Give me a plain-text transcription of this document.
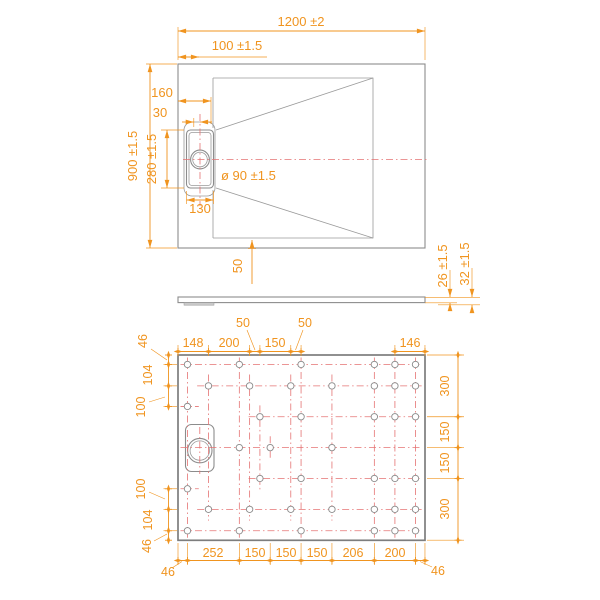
1200 ±2
100 ±1.5
160
30
900 ±1.5 280 ±1.5
130
ø 90 ±1.5
50	26 ±1.5 32 ±1.5
50	50
148 200 150	146
46
104
100
100
104
46
300
150
150
300
252 150 150 150 206 200
46	46
